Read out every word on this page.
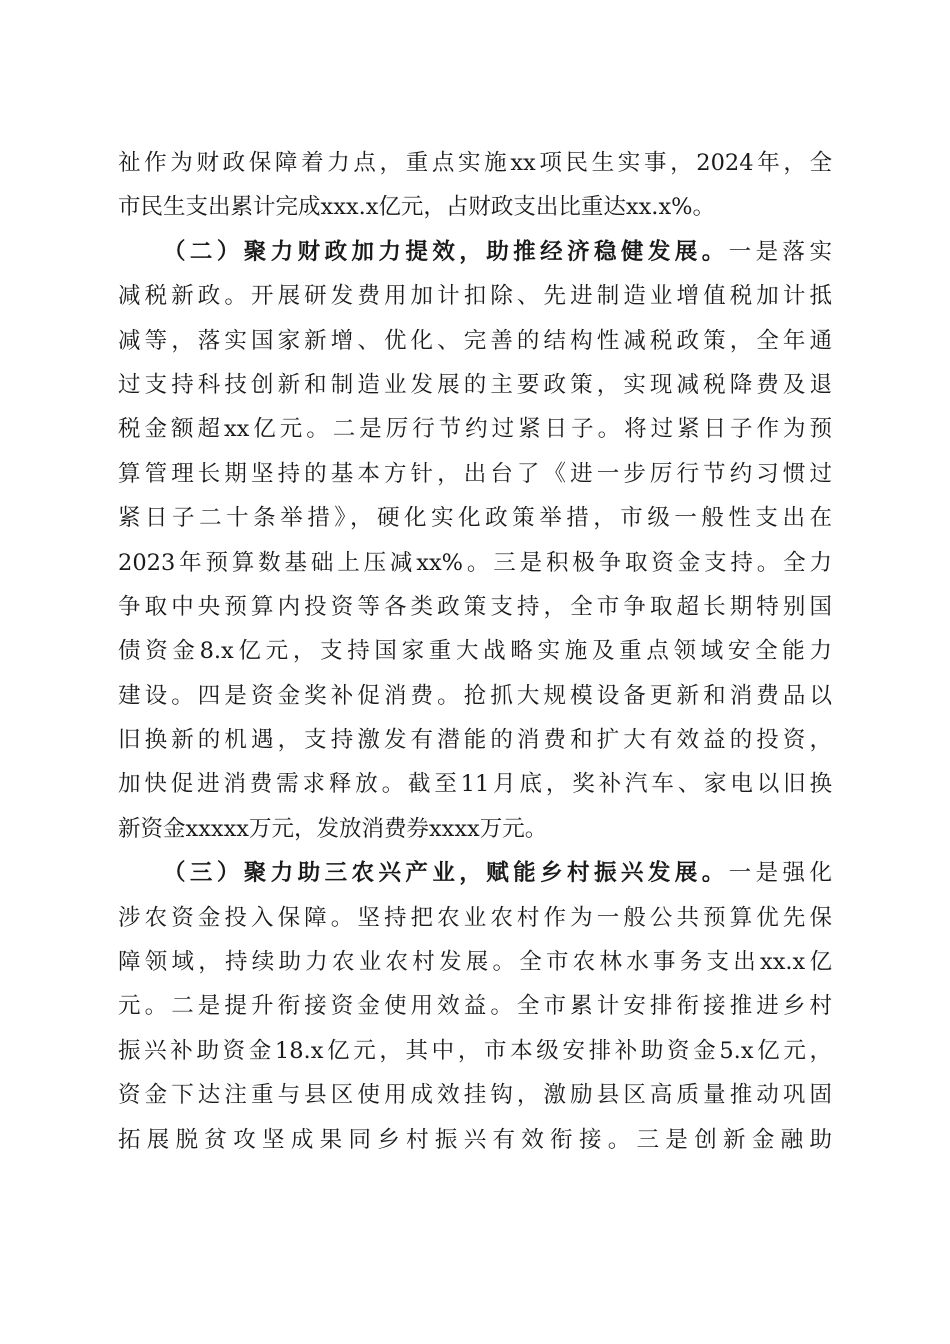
祉作为财政保障着力点，重点实施xx项民生实事，2024年，全
市民生支出累计完成xxx.x亿元，占财政支出比重达xx.x%。
（二）聚力财政加力提效，助推经济稳健发展。一是落实
减税新政。开展研发费用加计扣除、先进制造业增值税加计抵
减等，落实国家新增、优化、完善的结构性减税政策，全年通
过支持科技创新和制造业发展的主要政策，实现减税降费及退
税金额超xx亿元。二是厉行节约过紧日子。将过紧日子作为预
算管理长期坚持的基本方针，出台了《进一步厉行节约习惯过
紧日子二十条举措》，硬化实化政策举措，市级一般性支出在
2023年预算数基础上压减xx%。三是积极争取资金支持。全力
争取中央预算内投资等各类政策支持，全市争取超长期特别国
债资金8.x亿元，支持国家重大战略实施及重点领域安全能力
建设。四是资金奖补促消费。抢抓大规模设备更新和消费品以
旧换新的机遇，支持激发有潜能的消费和扩大有效益的投资，
加快促进消费需求释放。截至11月底，奖补汽车、家电以旧换
新资金xxxxx万元，发放消费券xxxx万元。
（三）聚力助三农兴产业，赋能乡村振兴发展。一是强化
涉农资金投入保障。坚持把农业农村作为一般公共预算优先保
障领域，持续助力农业农村发展。全市农林水事务支出xx.x亿
元。二是提升衔接资金使用效益。全市累计安排衔接推进乡村
振兴补助资金18.x亿元，其中，市本级安排补助资金5.x亿元，
资金下达注重与县区使用成效挂钩，激励县区高质量推动巩固
拓展脱贫攻坚成果同乡村振兴有效衔接。三是创新金融助
